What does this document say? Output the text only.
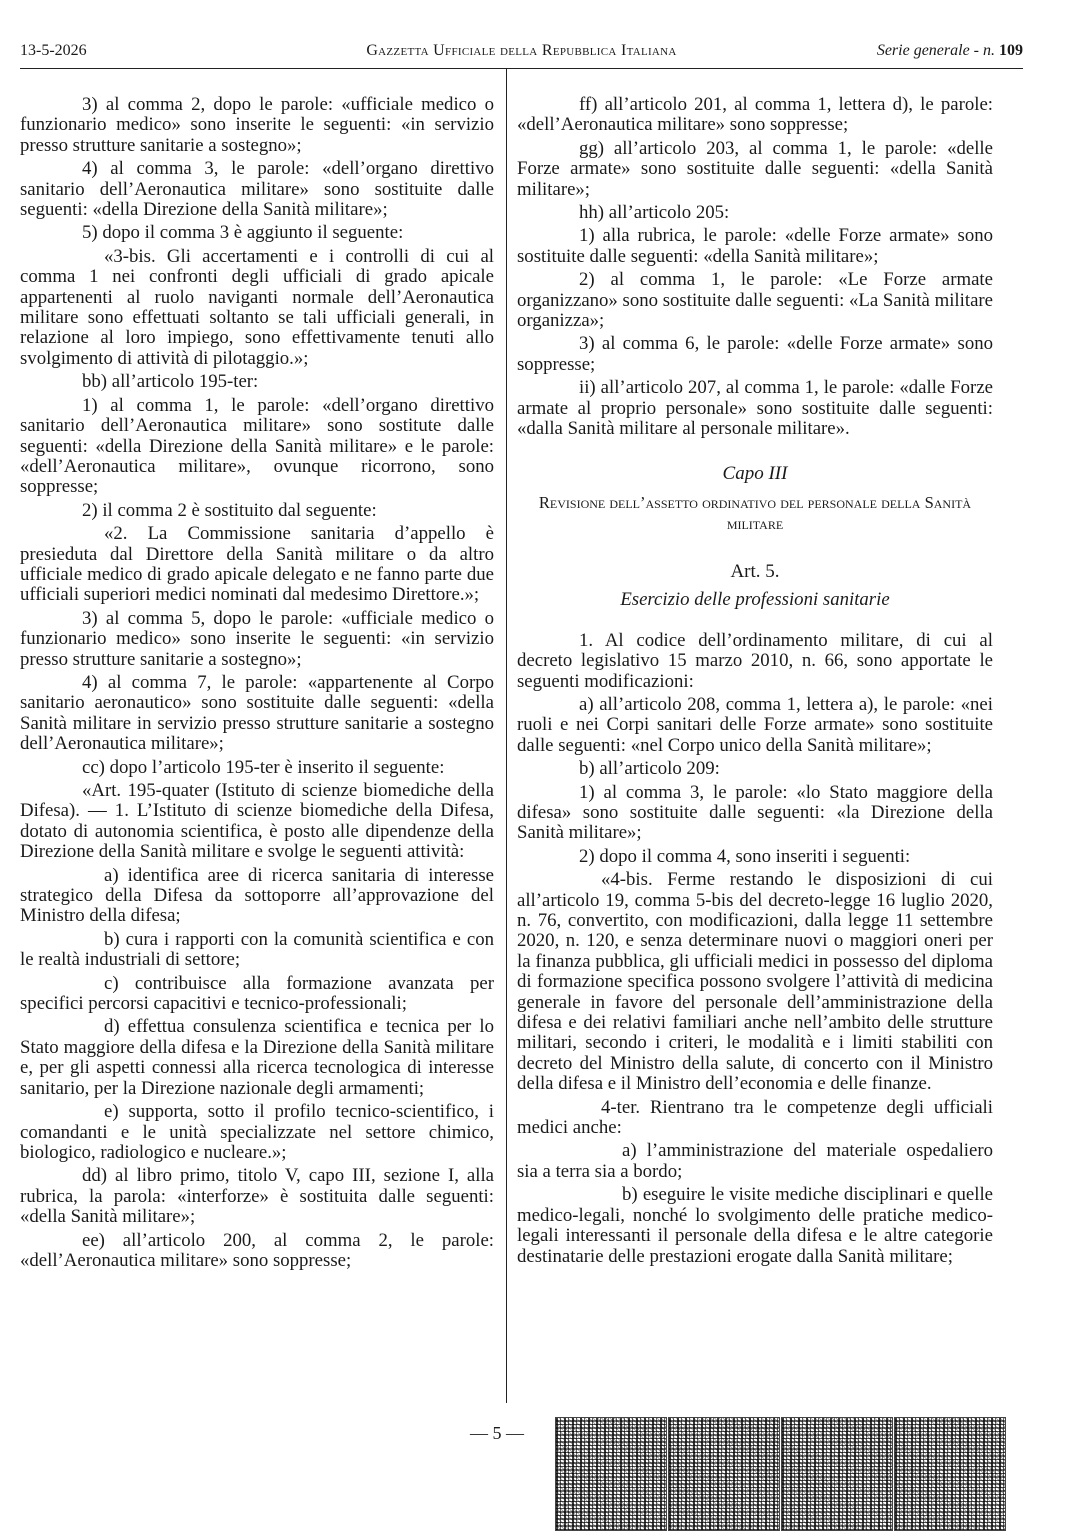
13-5-2026	Gazzetta Ufficiale della Repubblica Italiana	Serie generale - n. 109

3) al comma 2, dopo le parole: «ufficiale medico o funzionario medico» sono inserite le seguenti: «in servizio presso strutture sanitarie a sostegno»;

4) al comma 3, le parole: «dell’organo direttivo sanitario dell’Aeronautica militare» sono sostituite dalle seguenti: «della Direzione della Sanità militare»;

5) dopo il comma 3 è aggiunto il seguente:

«3-bis. Gli accertamenti e i controlli di cui al comma 1 nei confronti degli ufficiali di grado apicale appartenenti al ruolo naviganti normale dell’Aeronautica militare sono effettuati soltanto se tali ufficiali generali, in relazione al loro impiego, sono effettivamente tenuti allo svolgimento di attività di pilotaggio.»;

bb) all’articolo 195-ter:

1) al comma 1, le parole: «dell’organo direttivo sanitario dell’Aeronautica militare» sono sostitute dalle seguenti: «della Direzione della Sanità militare» e le parole: «dell’Aeronautica militare», ovunque ricorrono, sono soppresse;

2) il comma 2 è sostituito dal seguente:

«2. La Commissione sanitaria d’appello è presieduta dal Direttore della Sanità militare o da altro ufficiale medico di grado apicale delegato e ne fanno parte due ufficiali superiori medici nominati dal medesimo Direttore.»;

3) al comma 5, dopo le parole: «ufficiale medico o funzionario medico» sono inserite le seguenti: «in servizio presso strutture sanitarie a sostegno»;

4) al comma 7, le parole: «appartenente al Corpo sanitario aeronautico» sono sostituite dalle seguenti: «della Sanità militare in servizio presso strutture sanitarie a sostegno dell’Aeronautica militare»;

cc) dopo l’articolo 195-ter è inserito il seguente:

«Art. 195-quater (Istituto di scienze biomediche della Difesa). — 1. L’Istituto di scienze biomediche della Difesa, dotato di autonomia scientifica, è posto alle dipendenze della Direzione della Sanità militare e svolge le seguenti attività:

a) identifica aree di ricerca sanitaria di interesse strategico della Difesa da sottoporre all’approvazione del Ministro della difesa;

b) cura i rapporti con la comunità scientifica e con le realtà industriali di settore;

c) contribuisce alla formazione avanzata per specifici percorsi capacitivi e tecnico-professionali;

d) effettua consulenza scientifica e tecnica per lo Stato maggiore della difesa e la Direzione della Sanità militare e, per gli aspetti connessi alla ricerca tecnologica di interesse sanitario, per la Direzione nazionale degli armamenti;

e) supporta, sotto il profilo tecnico-scientifico, i comandanti e le unità specializzate nel settore chimico, biologico, radiologico e nucleare.»;

dd) al libro primo, titolo V, capo III, sezione I, alla rubrica, la parola: «interforze» è sostituita dalle seguenti: «della Sanità militare»;

ee) all’articolo 200, al comma 2, le parole: «dell’Aeronautica militare» sono soppresse;

ff) all’articolo 201, al comma 1, lettera d), le parole: «dell’Aeronautica militare» sono soppresse;

gg) all’articolo 203, al comma 1, le parole: «delle Forze armate» sono sostituite dalle seguenti: «della Sanità militare»;

hh) all’articolo 205:

1) alla rubrica, le parole: «delle Forze armate» sono sostituite dalle seguenti: «della Sanità militare»;

2) al comma 1, le parole: «Le Forze armate organizzano» sono sostituite dalle seguenti: «La Sanità militare organizza»;

3) al comma 6, le parole: «delle Forze armate» sono soppresse;

ii) all’articolo 207, al comma 1, le parole: «dalle Forze armate al proprio personale» sono sostituite dalle seguenti: «dalla Sanità militare al personale militare».

Capo III

Revisione dell’assetto ordinativo del personale della Sanità militare

Art. 5.

Esercizio delle professioni sanitarie

1. Al codice dell’ordinamento militare, di cui al decreto legislativo 15 marzo 2010, n. 66, sono apportate le seguenti modificazioni:

a) all’articolo 208, comma 1, lettera a), le parole: «nei ruoli e nei Corpi sanitari delle Forze armate» sono sostituite dalle seguenti: «nel Corpo unico della Sanità militare»;

b) all’articolo 209:

1) al comma 3, le parole: «lo Stato maggiore della difesa» sono sostituite dalle seguenti: «la Direzione della Sanità militare»;

2) dopo il comma 4, sono inseriti i seguenti:

«4-bis. Ferme restando le disposizioni di cui all’articolo 19, comma 5-bis del decreto-legge 16 luglio 2020, n. 76, convertito, con modificazioni, dalla legge 11 settembre 2020, n. 120, e senza determinare nuovi o maggiori oneri per la finanza pubblica, gli ufficiali medici in possesso del diploma di formazione specifica possono svolgere l’attività di medicina generale in favore del personale dell’amministrazione della difesa e dei relativi familiari anche nell’ambito delle strutture militari, secondo i criteri, le modalità e i limiti stabiliti con decreto del Ministro della salute, di concerto con il Ministro della difesa e il Ministro dell’economia e delle finanze.

4-ter. Rientrano tra le competenze degli ufficiali medici anche:

a) l’amministrazione del materiale ospedaliero sia a terra sia a bordo;

b) eseguire le visite mediche disciplinari e quelle medico-legali, nonché lo svolgimento delle pratiche medico-legali interessanti il personale della difesa e le altre categorie destinatarie delle prestazioni erogate dalla Sanità militare;

— 5 —
